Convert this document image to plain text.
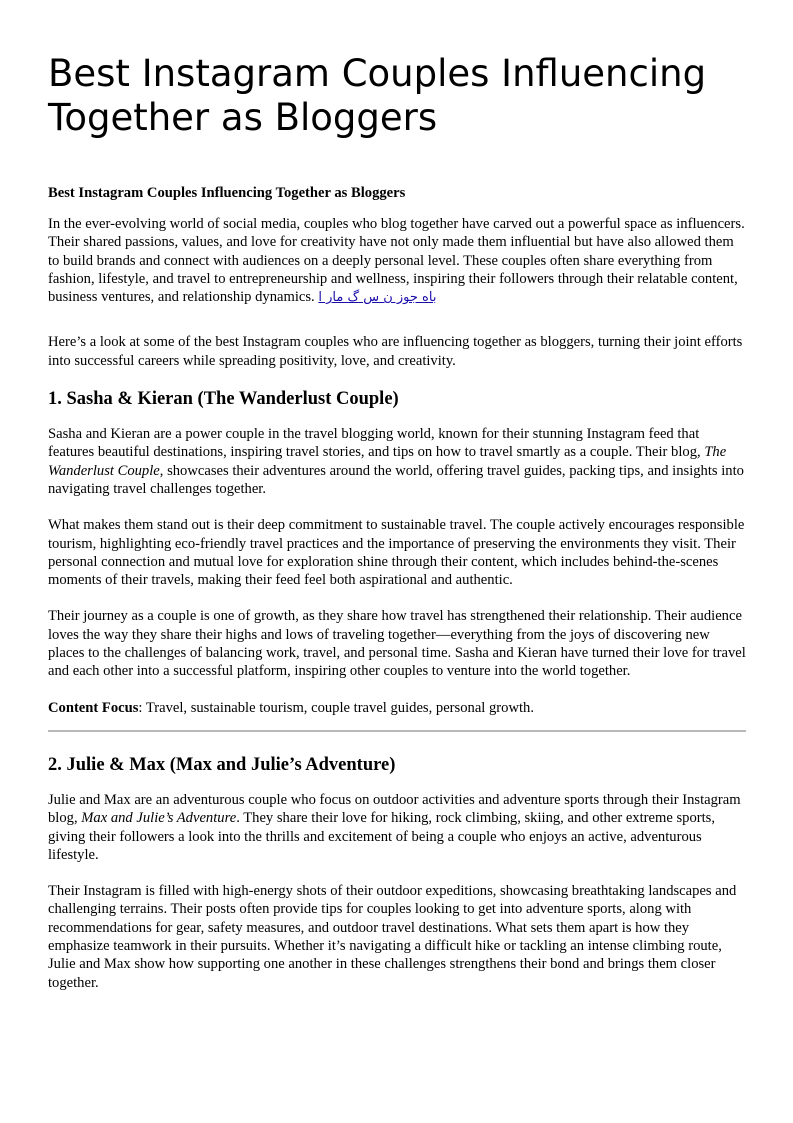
Best Instagram Couples Influencing Together as Bloggers
Best Instagram Couples Influencing Together as Bloggers

In the ever-evolving world of social media, couples who blog together have carved out a powerful space as influencers. Their shared passions, values, and love for creativity have not only made them influential but have also allowed them to build brands and connect with audiences on a deeply personal level. These couples often share everything from fashion, lifestyle, and travel to entrepreneurship and wellness, inspiring their followers through their relatable content, business ventures, and relationship dynamics. باه جوز ن س گ مار ا

Here’s a look at some of the best Instagram couples who are influencing together as bloggers, turning their joint efforts into successful careers while spreading positivity, love, and creativity.

1. Sasha & Kieran (The Wanderlust Couple)

Sasha and Kieran are a power couple in the travel blogging world, known for their stunning Instagram feed that features beautiful destinations, inspiring travel stories, and tips on how to travel smartly as a couple. Their blog, The Wanderlust Couple, showcases their adventures around the world, offering travel guides, packing tips, and insights into navigating travel challenges together.

What makes them stand out is their deep commitment to sustainable travel. The couple actively encourages responsible tourism, highlighting eco-friendly travel practices and the importance of preserving the environments they visit. Their personal connection and mutual love for exploration shine through their content, which includes behind-the-scenes moments of their travels, making their feed feel both aspirational and authentic.

Their journey as a couple is one of growth, as they share how travel has strengthened their relationship. Their audience loves the way they share their highs and lows of traveling together—everything from the joys of discovering new places to the challenges of balancing work, travel, and personal time. Sasha and Kieran have turned their love for travel and each other into a successful platform, inspiring other couples to venture into the world together.

Content Focus: Travel, sustainable tourism, couple travel guides, personal growth.

2. Julie & Max (Max and Julie’s Adventure)

Julie and Max are an adventurous couple who focus on outdoor activities and adventure sports through their Instagram blog, Max and Julie’s Adventure. They share their love for hiking, rock climbing, skiing, and other extreme sports, giving their followers a look into the thrills and excitement of being a couple who enjoys an active, adventurous lifestyle.

Their Instagram is filled with high-energy shots of their outdoor expeditions, showcasing breathtaking landscapes and challenging terrains. Their posts often provide tips for couples looking to get into adventure sports, along with recommendations for gear, safety measures, and outdoor travel destinations. What sets them apart is how they emphasize teamwork in their pursuits. Whether it’s navigating a difficult hike or tackling an intense climbing route, Julie and Max show how supporting one another in these challenges strengthens their bond and brings them closer together.
